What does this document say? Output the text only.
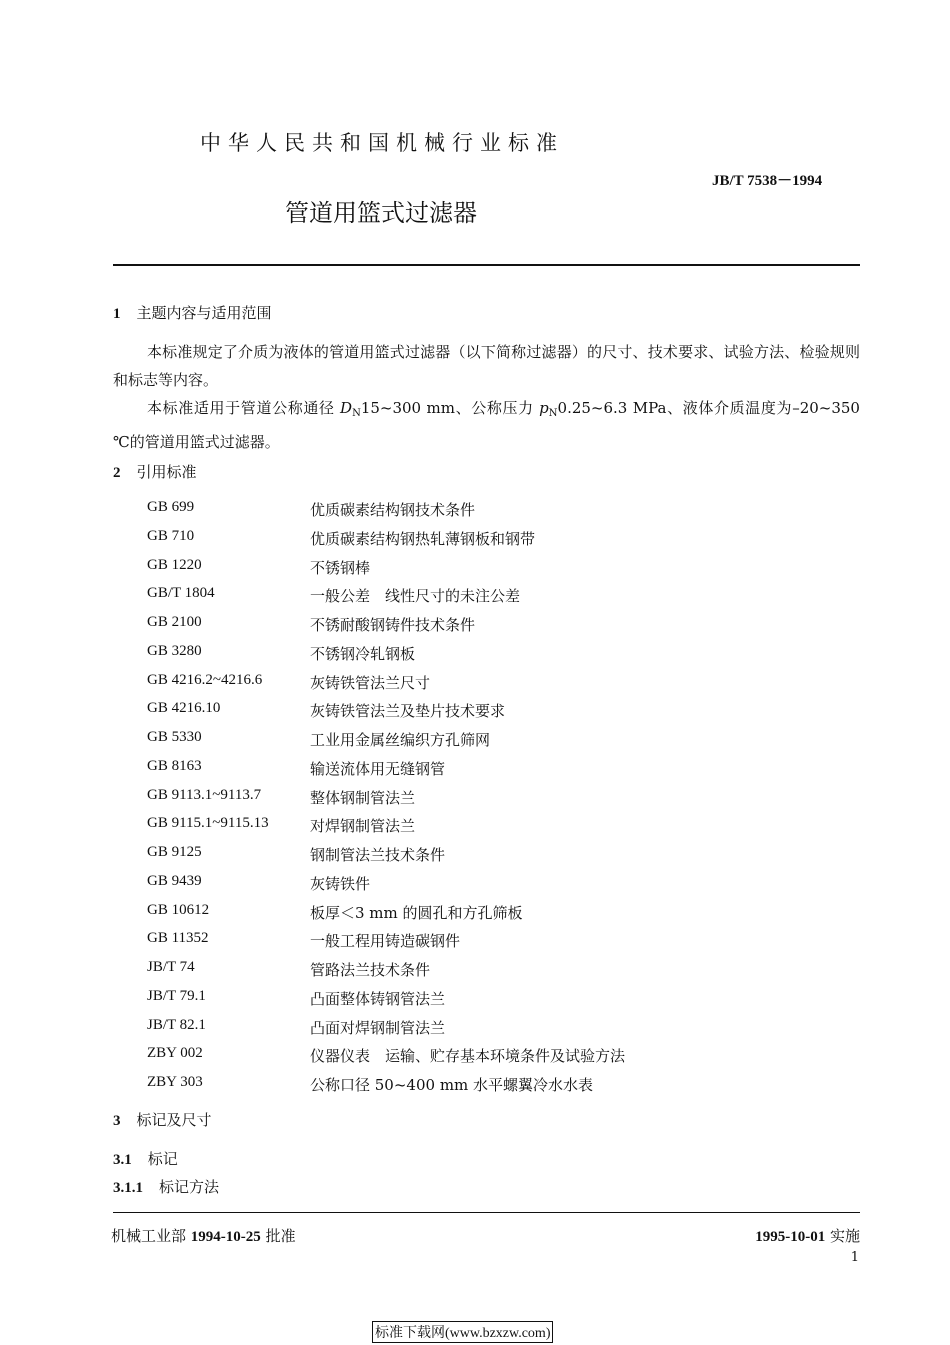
中华人民共和国机械行业标准
JB/T 7538－1994
管道用篮式过滤器
1 主题内容与适用范围
本标准规定了介质为液体的管道用篮式过滤器（以下简称过滤器）的尺寸、技术要求、试验方法、检验规则和标志等内容。
本标准适用于管道公称通径 $D_N15\sim 300$ mm、公称压力 $p_N0.25\sim 6.3$ MPa、液体介质温度为–20~350 ℃的管道用篮式过滤器。
2 引用标准
GB 699	优质碳素结构钢技术条件
GB 710	优质碳素结构钢热轧薄钢板和钢带
GB 1220	不锈钢棒
GB/T 1804	一般公差　线性尺寸的未注公差
GB 2100	不锈耐酸钢铸件技术条件
GB 3280	不锈钢冷轧钢板
GB 4216.2~4216.6	灰铸铁管法兰尺寸
GB 4216.10	灰铸铁管法兰及垫片技术要求
GB 5330	工业用金属丝编织方孔筛网
GB 8163	输送流体用无缝钢管
GB 9113.1~9113.7	整体钢制管法兰
GB 9115.1~9115.13	对焊钢制管法兰
GB 9125	钢制管法兰技术条件
GB 9439	灰铸铁件
GB 10612	板厚＜3 mm 的圆孔和方孔筛板
GB 11352	一般工程用铸造碳钢件
JB/T 74	管路法兰技术条件
JB/T 79.1	凸面整体铸钢管法兰
JB/T 82.1	凸面对焊钢制管法兰
ZBY 002	仪器仪表　运输、贮存基本环境条件及试验方法
ZBY 303	公称口径 50~400 mm 水平螺翼冷水水表
3 标记及尺寸
3.1 标记
3.1.1 标记方法
机械工业部 1994-10-25 批准	1995-10-01 实施
1
标准下载网(www.bzxzw.com)
